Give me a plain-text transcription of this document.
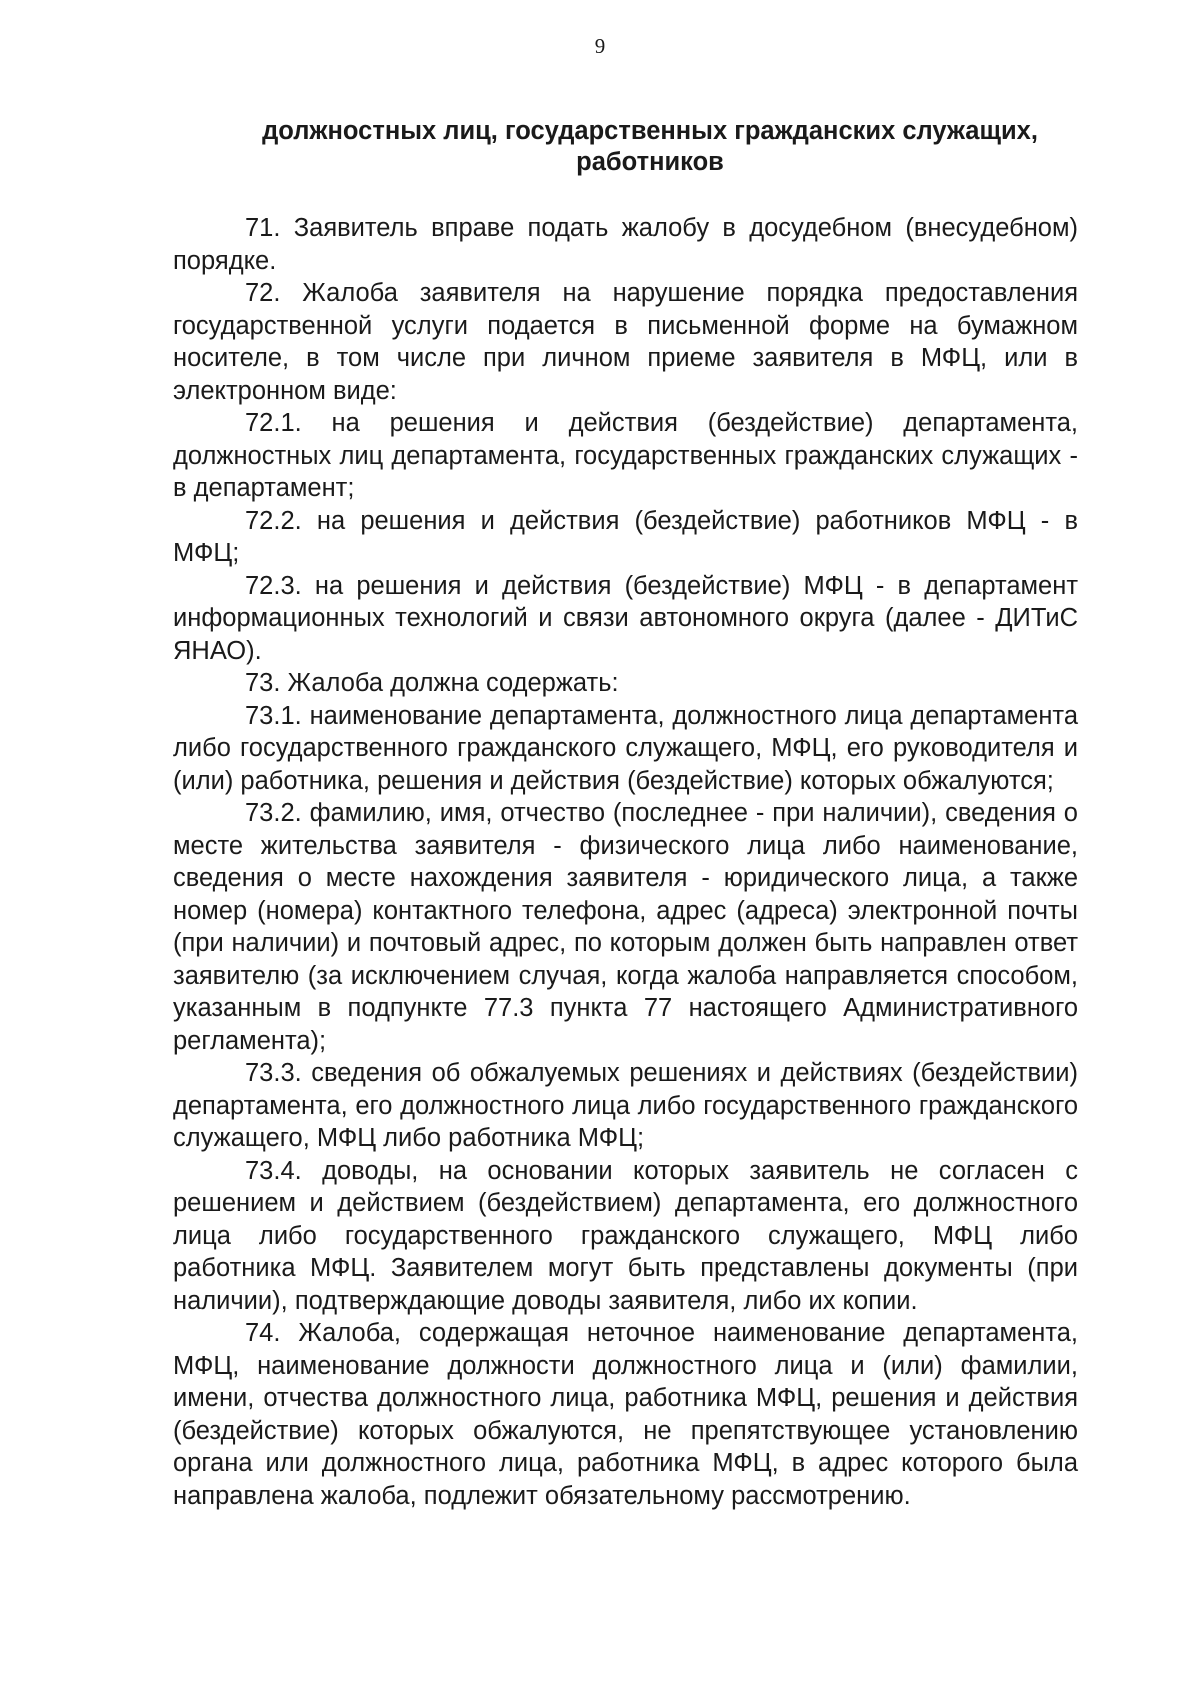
9
должностных лиц, государственных гражданских служащих, работников

71. Заявитель вправе подать жалобу в досудебном (внесудебном) порядке.

72. Жалоба заявителя на нарушение порядка предоставления государственной услуги подается в письменной форме на бумажном носителе, в том числе при личном приеме заявителя в МФЦ, или в электронном виде:

72.1. на решения и действия (бездействие) департамента, должностных лиц департамента, государственных гражданских служащих - в департамент;

72.2. на решения и действия (бездействие) работников МФЦ - в МФЦ;

72.3. на решения и действия (бездействие) МФЦ - в департамент информационных технологий и связи автономного округа (далее - ДИТиС ЯНАО).

73. Жалоба должна содержать:

73.1. наименование департамента, должностного лица департамента либо государственного гражданского служащего, МФЦ, его руководителя и (или) работника, решения и действия (бездействие) которых обжалуются;

73.2. фамилию, имя, отчество (последнее - при наличии), сведения о месте жительства заявителя - физического лица либо наименование, сведения о месте нахождения заявителя - юридического лица, а также номер (номера) контактного телефона, адрес (адреса) электронной почты (при наличии) и почтовый адрес, по которым должен быть направлен ответ заявителю (за исключением случая, когда жалоба направляется способом, указанным в подпункте 77.3 пункта 77 настоящего Административного регламента);

73.3. сведения об обжалуемых решениях и действиях (бездействии) департамента, его должностного лица либо государственного гражданского служащего, МФЦ либо работника МФЦ;

73.4. доводы, на основании которых заявитель не согласен с решением и действием (бездействием) департамента, его должностного лица либо государственного гражданского служащего, МФЦ либо работника МФЦ. Заявителем могут быть представлены документы (при наличии), подтверждающие доводы заявителя, либо их копии.

74. Жалоба, содержащая неточное наименование департамента, МФЦ, наименование должности должностного лица и (или) фамилии, имени, отчества должностного лица, работника МФЦ, решения и действия (бездействие) которых обжалуются, не препятствующее установлению органа или должностного лица, работника МФЦ, в адрес которого была направлена жалоба, подлежит обязательному рассмотрению.
